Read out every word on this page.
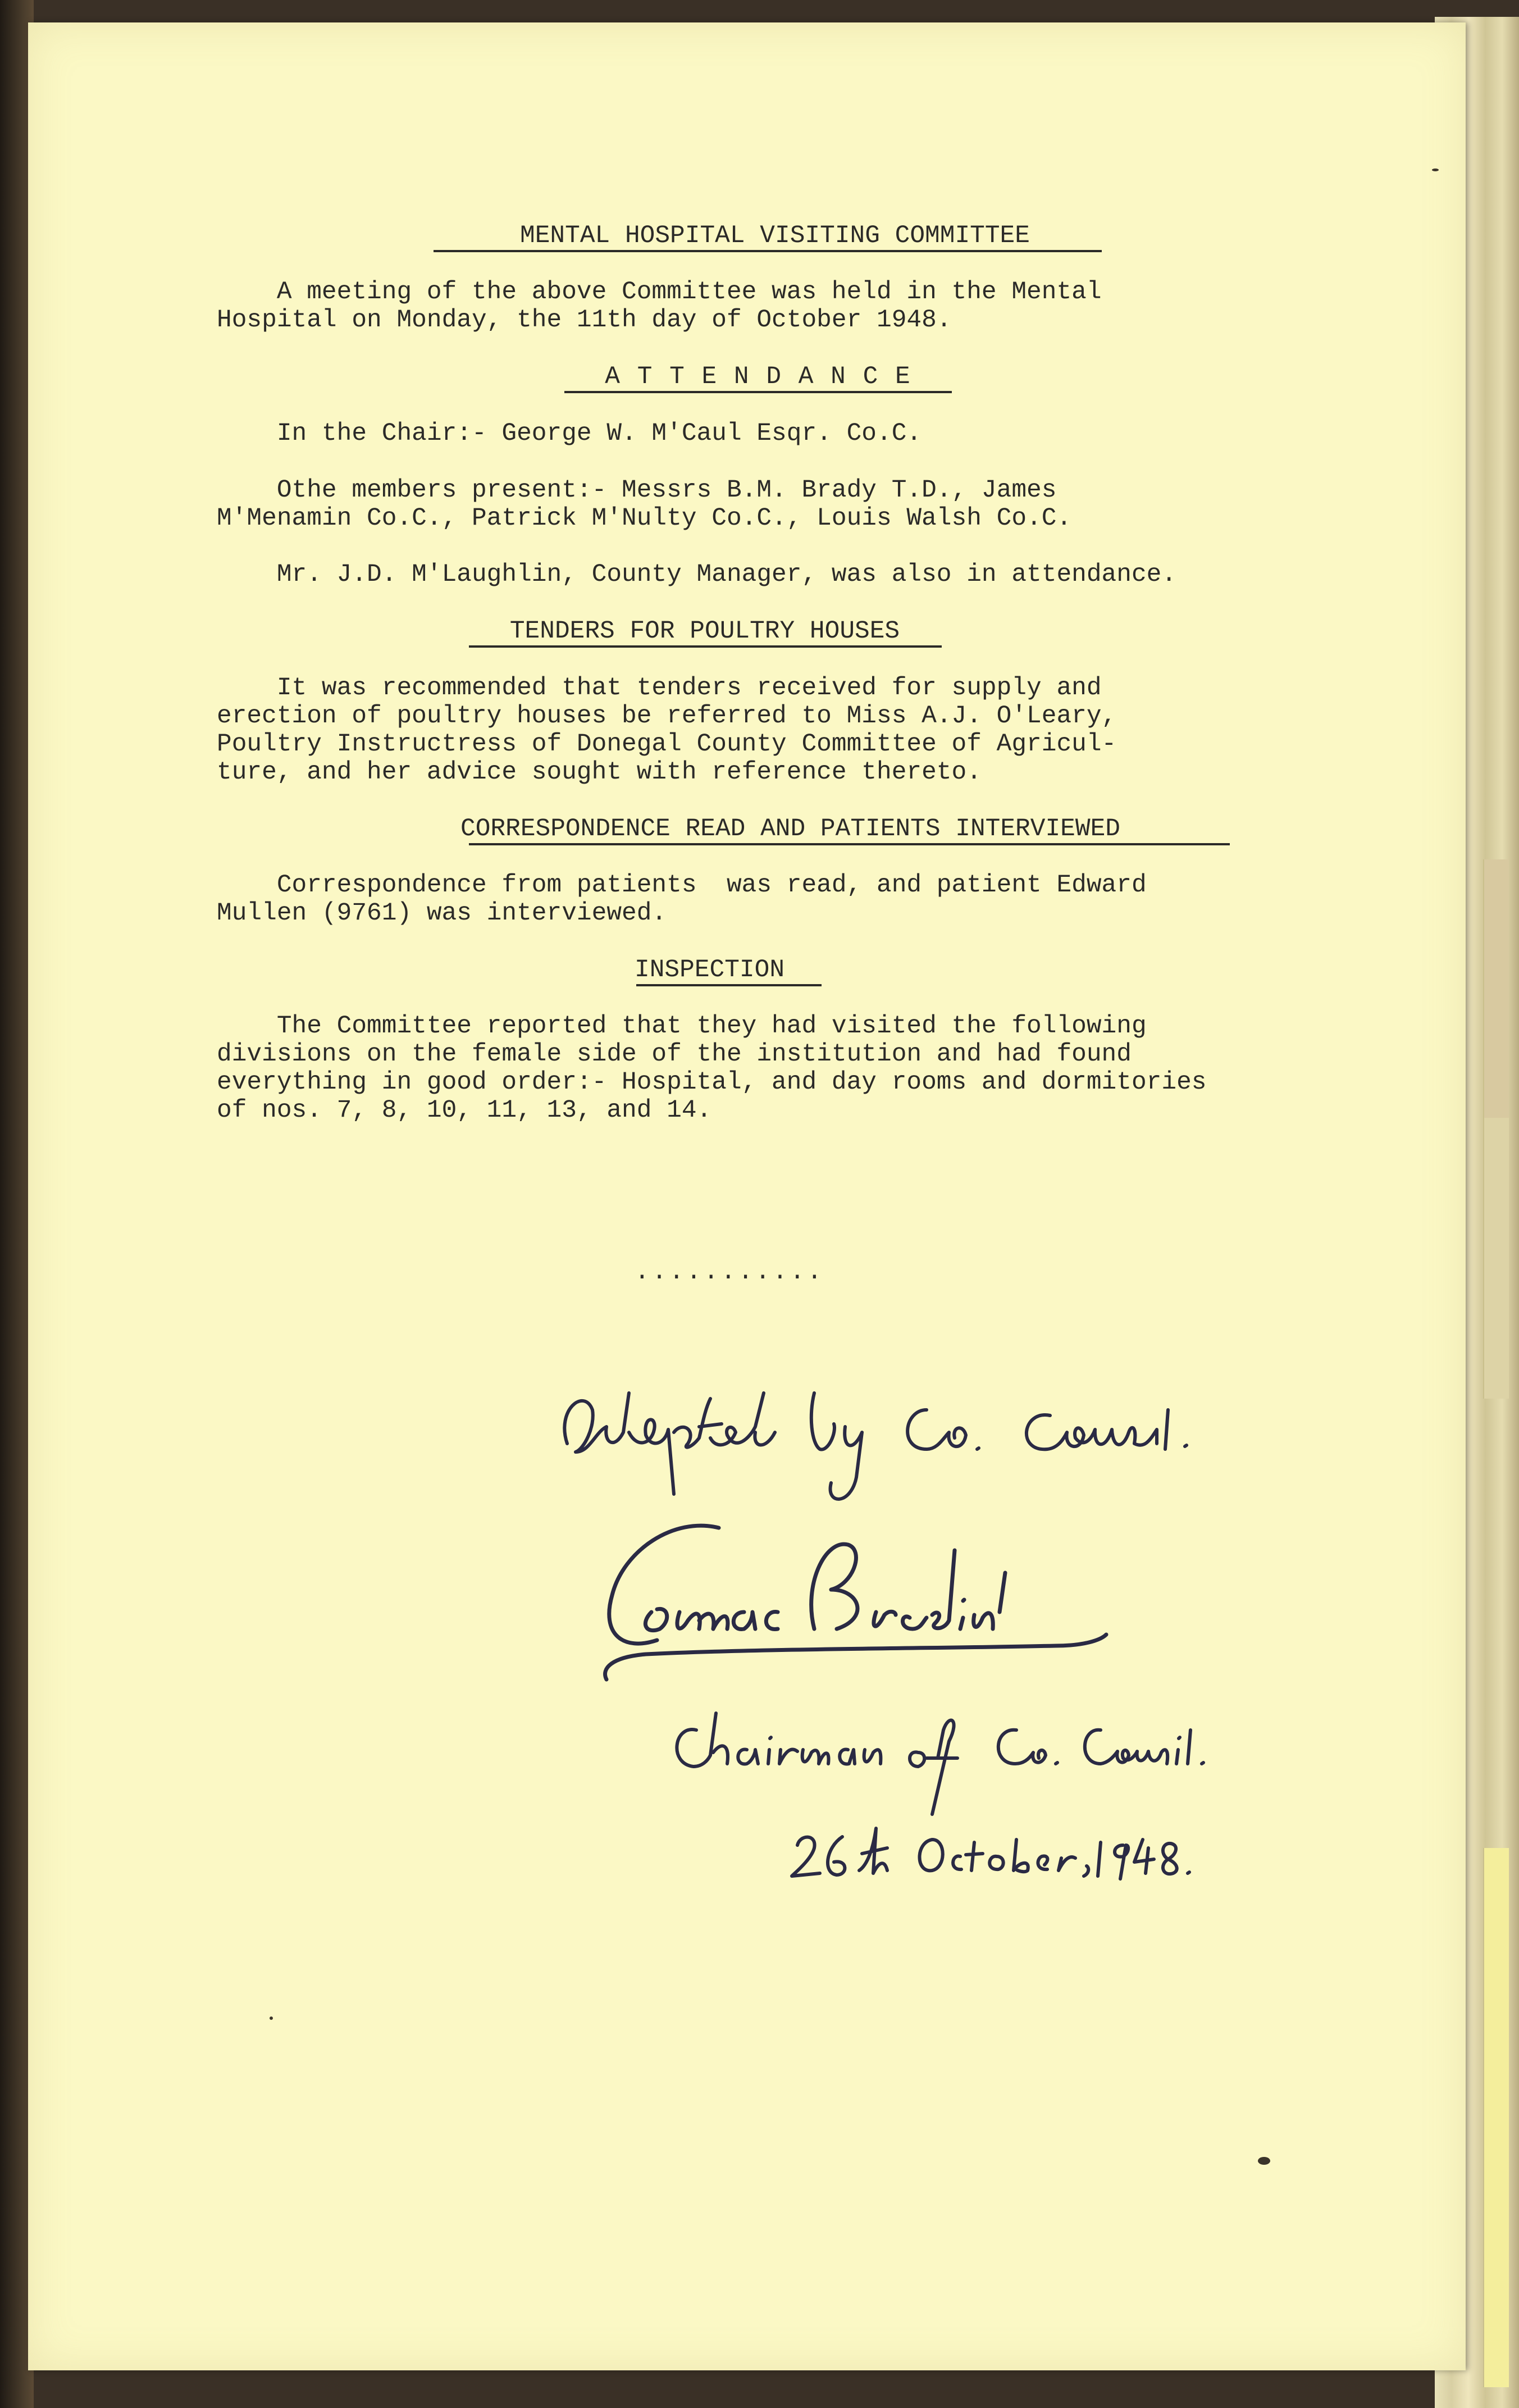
MENTAL HOSPITAL VISITING COMMITTEE
A meeting of the above Committee was held in the Mental
Hospital on Monday, the 11th day of October 1948.
A T T E N D A N C E
In the Chair:- George W. M'Caul Esqr. Co.C.
Othe members present:- Messrs B.M. Brady T.D., James
M'Menamin Co.C., Patrick M'Nulty Co.C., Louis Walsh Co.C.
Mr. J.D. M'Laughlin, County Manager, was also in attendance.
TENDERS FOR POULTRY HOUSES
It was recommended that tenders received for supply and
erection of poultry houses be referred to Miss A.J. O'Leary,
Poultry Instructress of Donegal County Committee of Agricul-
ture, and her advice sought with reference thereto.
CORRESPONDENCE READ AND PATIENTS INTERVIEWED
Correspondence from patients  was read, and patient Edward
Mullen (9761) was interviewed.
INSPECTION
The Committee reported that they had visited the following
divisions on the female side of the institution and had found
everything in good order:- Hospital, and day rooms and dormitories
of nos. 7, 8, 10, 11, 13, and 14.
...........
